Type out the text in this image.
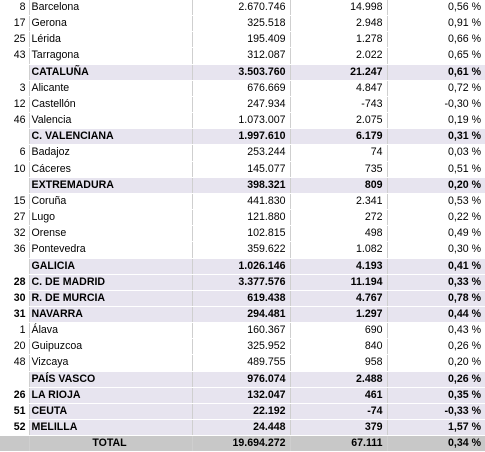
8	Barcelona	2.670.746	14.998	0,56 %
17	Gerona	325.518	2.948	0,91 %
25	Lérida	195.409	1.278	0,66 %
43	Tarragona	312.087	2.022	0,65 %
	CATALUÑA	3.503.760	21.247	0,61 %
3	Alicante	676.669	4.847	0,72 %
12	Castellón	247.934	-743	-0,30 %
46	Valencia	1.073.007	2.075	0,19 %
	C. VALENCIANA	1.997.610	6.179	0,31 %
6	Badajoz	253.244	74	0,03 %
10	Cáceres	145.077	735	0,51 %
	EXTREMADURA	398.321	809	0,20 %
15	Coruña	441.830	2.341	0,53 %
27	Lugo	121.880	272	0,22 %
32	Orense	102.815	498	0,49 %
36	Pontevedra	359.622	1.082	0,30 %
	GALICIA	1.026.146	4.193	0,41 %
28	C. DE MADRID	3.377.576	11.194	0,33 %
30	R. DE MURCIA	619.438	4.767	0,78 %
31	NAVARRA	294.481	1.297	0,44 %
1	Álava	160.367	690	0,43 %
20	Guipuzcoa	325.952	840	0,26 %
48	Vizcaya	489.755	958	0,20 %
	PAÍS VASCO	976.074	2.488	0,26 %
26	LA RIOJA	132.047	461	0,35 %
51	CEUTA	22.192	-74	-0,33 %
52	MELILLA	24.448	379	1,57 %
	TOTAL	19.694.272	67.111	0,34 %
